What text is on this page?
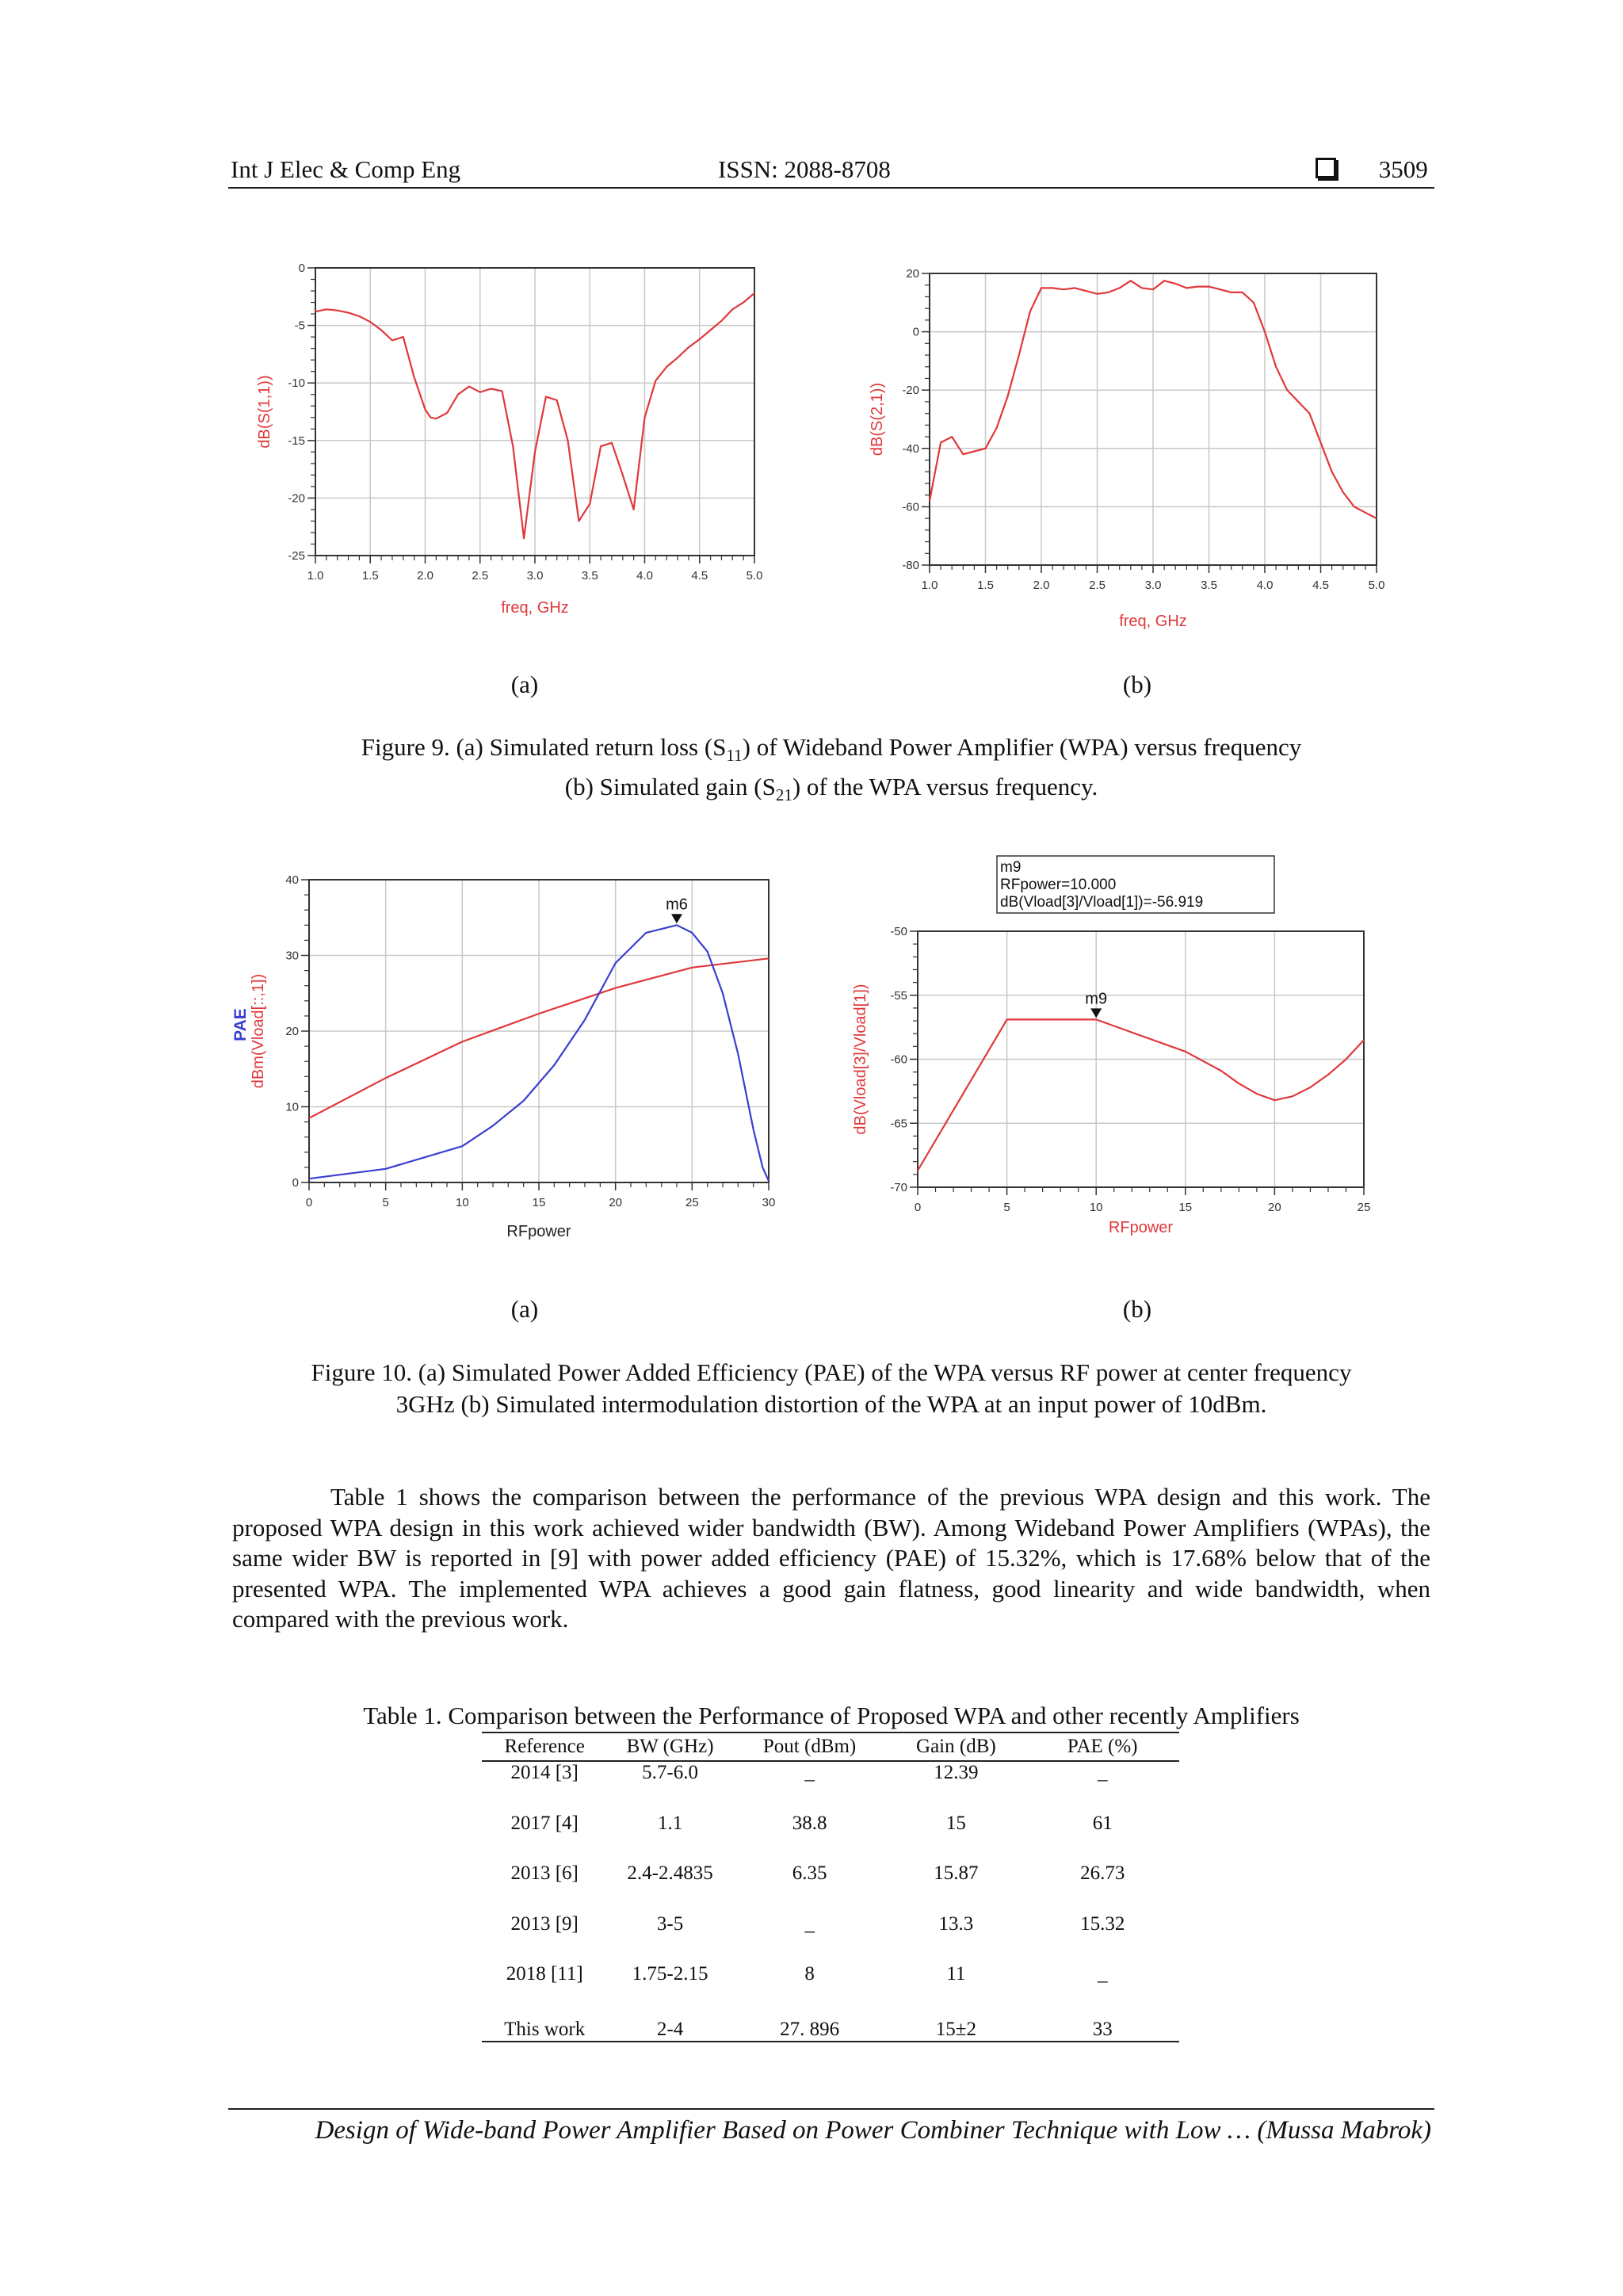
Int J Elec & Comp Eng	ISSN: 2088-8708	3509
1.0	1.5	2.0	2.5	3.0	3.5	4.0	4.5	5.0
0
-5
-10
-15
-20
-25
freq, GHz
dB(S(1,1))
1.0	1.5	2.0	2.5	3.0	3.5	4.0	4.5	5.0
20
0
-20
-40
-60
-80
freq, GHz
dB(S(2,1))
(a)	(b)
Figure 9. (a) Simulated return loss $(S_{11})$ of Wideband Power Amplifier (WPA) versus frequency
(b) Simulated gain $(S_{21})$ of the WPA versus frequency.
0	5	10	15	20	25	30
40
30
20
10
0
RFpower
dBm(Vload[::,1])
PAE
m6
0	5	10	15	20	25
-50
-55
-60
-65
-70
RFpower
dB(Vload[3]/Vload[1])	m9
m9
RFpower=10.000
dB(Vload[3]/Vload[1])=-56.919
(a)	(b)
Figure 10. (a) Simulated Power Added Efficiency (PAE) of the WPA versus RF power at center frequency
3GHz (b) Simulated intermodulation distortion of the WPA at an input power of 10dBm.

Table 1 shows the comparison between the performance of the previous WPA design and this work. The proposed WPA design in this work achieved wider bandwidth (BW). Among Wideband Power Amplifiers (WPAs), the same wider BW is reported in [9] with power added efficiency (PAE) of 15.32%, which is 17.68% below that of the presented WPA. The implemented WPA achieves a good gain flatness, good linearity and wide bandwidth, when compared with the previous work.

Table 1. Comparison between the Performance of Proposed WPA and other recently Amplifiers
Reference	BW (GHz)	Pout (dBm)	Gain (dB)	PAE (%)
2014 [3]	5.7-6.0	_	12.39	_
2017 [4]	1.1	38.8	15	61
2013 [6]	2.4-2.4835	6.35	15.87	26.73
2013 [9]	3-5	_	13.3	15.32
2018 [11]	1.75-2.15	8	11	_
This work	2-4	27. 896	15±2	33
Design of Wide-band Power Amplifier Based on Power Combiner Technique with Low … (Mussa Mabrok)
